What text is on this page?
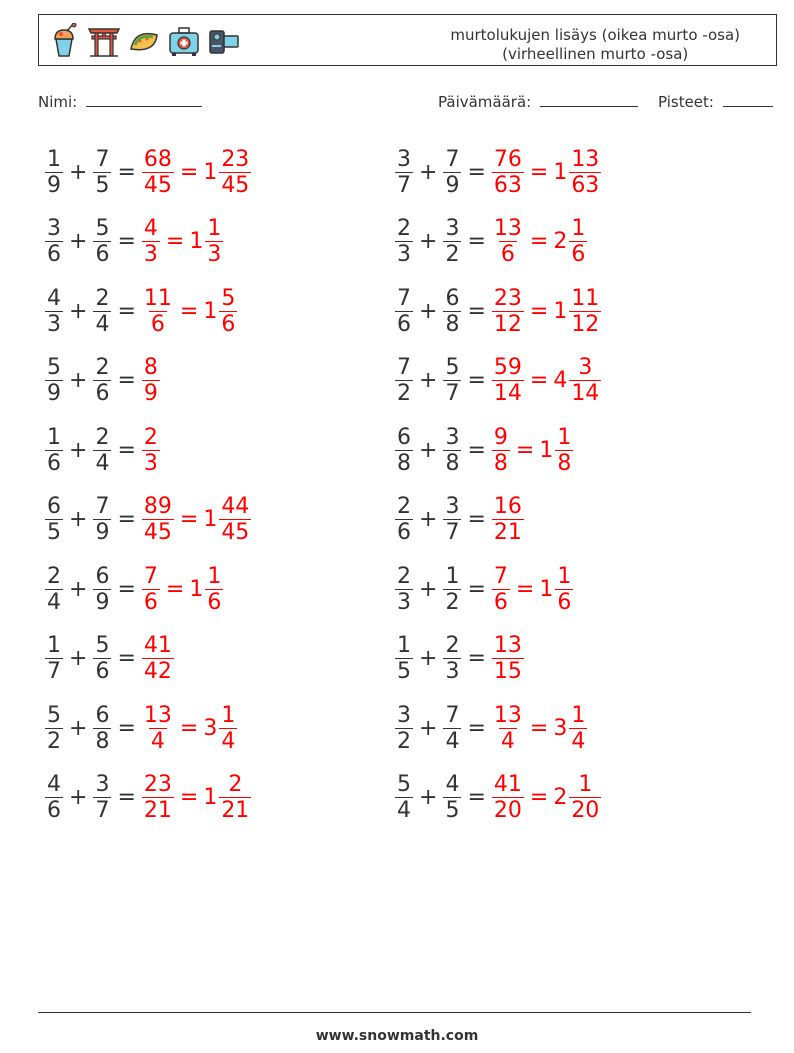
murtolukujen lisäys (oikea murto -osa)
(virheellinen murto -osa)
Nimi:	Päivämäärä:	Pisteet:
$\frac{1}{9} + \frac{7}{5} = \frac{68}{45} = 1 \frac{23}{45}$	$\frac{3}{7} + \frac{7}{9} = \frac{76}{63} = 1 \frac{13}{63}$
$\frac{3}{6} + \frac{5}{6} = \frac{4}{3} = 1 \frac{1}{3}$	$\frac{2}{3} + \frac{3}{2} = \frac{13}{6} = 2 \frac{1}{6}$
$\frac{4}{3} + \frac{2}{4} = \frac{11}{6} = 1 \frac{5}{6}$	$\frac{7}{6} + \frac{6}{8} = \frac{23}{12} = 1 \frac{11}{12}$
$\frac{5}{9} + \frac{2}{6} = \frac{8}{9}$	$\frac{7}{2} + \frac{5}{7} = \frac{59}{14} = 4 \frac{3}{14}$
$\frac{1}{6} + \frac{2}{4} = \frac{2}{3}$	$\frac{6}{8} + \frac{3}{8} = \frac{9}{8} = 1 \frac{1}{8}$
$\frac{6}{5} + \frac{7}{9} = \frac{89}{45} = 1 \frac{44}{45}$	$\frac{2}{6} + \frac{3}{7} = \frac{16}{21}$
$\frac{2}{4} + \frac{6}{9} = \frac{7}{6} = 1 \frac{1}{6}$	$\frac{2}{3} + \frac{1}{2} = \frac{7}{6} = 1 \frac{1}{6}$
$\frac{1}{7} + \frac{5}{6} = \frac{41}{42}$	$\frac{1}{5} + \frac{2}{3} = \frac{13}{15}$
$\frac{5}{2} + \frac{6}{8} = \frac{13}{4} = 3 \frac{1}{4}$	$\frac{3}{2} + \frac{7}{4} = \frac{13}{4} = 3 \frac{1}{4}$
$\frac{4}{6} + \frac{3}{7} = \frac{23}{21} = 1 \frac{2}{21}$	$\frac{5}{4} + \frac{4}{5} = \frac{41}{20} = 2 \frac{1}{20}$
www.snowmath.com
